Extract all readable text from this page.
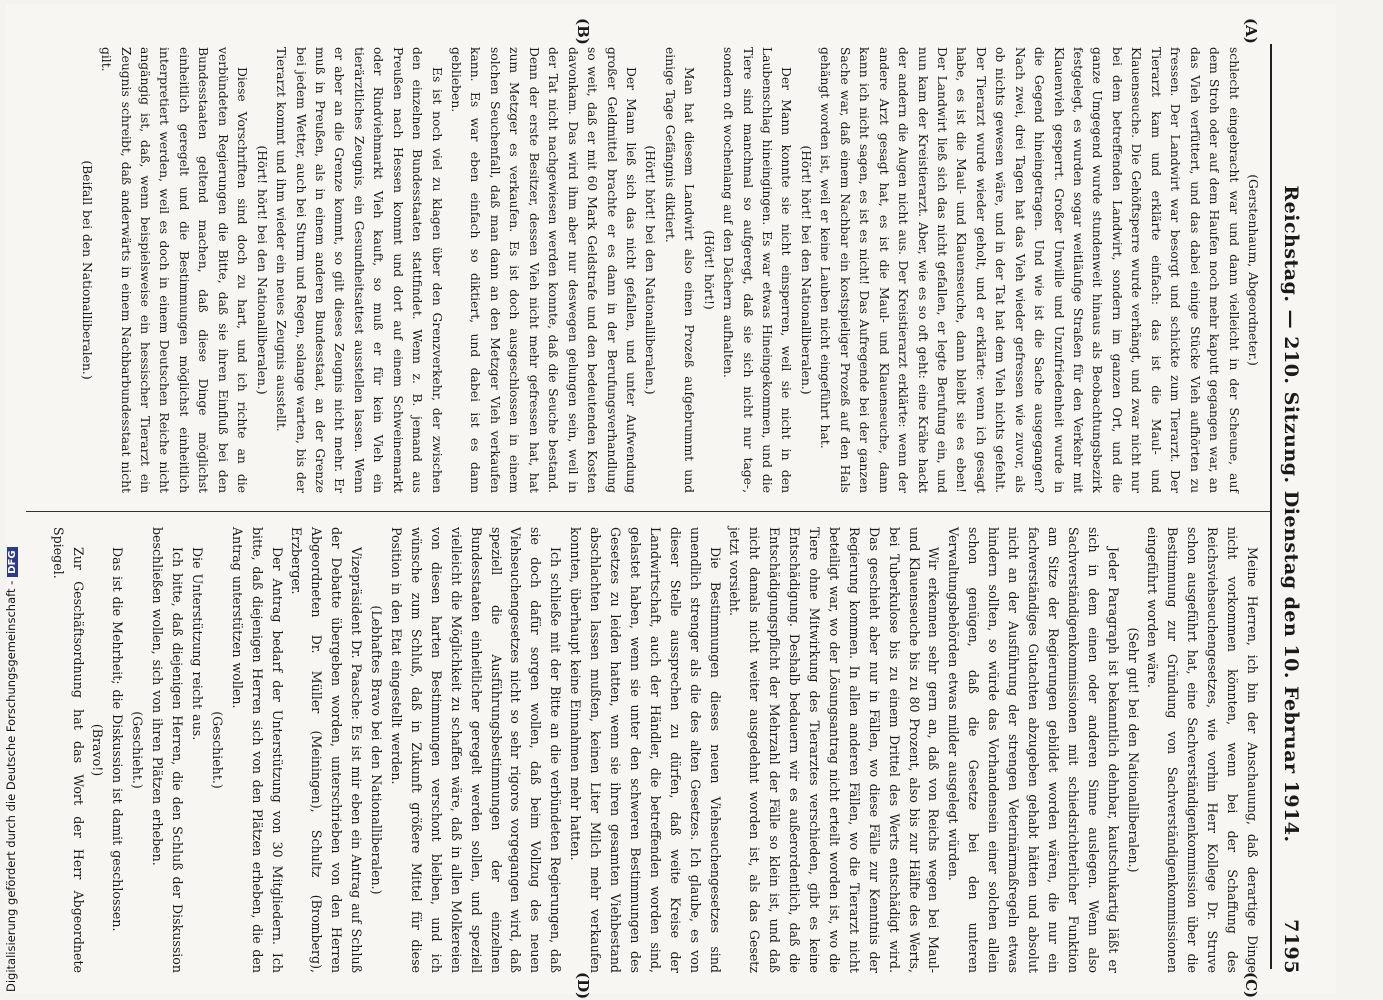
Reichstag. — 210. Sitzung. Dienstag den 10. Februar 1914.
7195
(A)
(B)
(C)
(D)

(Gerstenhaum, Abgeordneter.)

schlecht eingebracht war und dann vielleicht in der Scheune, auf dem Stroh oder auf dem Haufen noch mehr kaputt gegangen war, an das Vieh verfüttert, und das dabei einige Stücke Vieh aufhörten zu fressen. Der Landwirt war besorgt und schickte zum Tierarzt. Der Tierarzt kam und erklärte einfach: das ist die Maul- und Klauenseuche. Die Gehöftsperre wurde verhängt, und zwar nicht nur bei dem betreffenden Landwirt, sondern im ganzen Ort, und die ganze Umgegend wurde stundenweit hinaus als Beobachtungsbezirk festgelegt, es wurden sogar weitläufige Straßen für den Verkehr mit Klauenvieh gesperrt. Großer Unwille und Unzufriedenheit wurde in die Gegend hineingetragen. Und wie ist die Sache ausgegangen? Nach zwei, drei Tagen hat das Vieh wieder gefressen wie zuvor, als ob nichts gewesen wäre, und in der Tat hat dem Vieh nichts gefehlt. Der Tierarzt wurde wieder geholt, und er erklärte: wenn ich gesagt habe, es ist die Maul- und Klauenseuche, dann bleibt sie es eben! Der Landwirt ließ sich das nicht gefallen, er legte Berufung ein, und nun kam der Kreistierarzt. Aber, wie es so oft geht: eine Krähe hackt der andern die Augen nicht aus. Der Kreistierarzt erklärte: wenn der andere Arzt gesagt hat, es ist die Maul- und Klauenseuche, dann kann ich nicht sagen, es ist es nicht! Das Aufregende bei der ganzen Sache war, daß einem Nachbar ein kostspieliger Prozeß auf den Hals gehängt worden ist, weil er keine Lauben nicht eingeführt hat.

(Hört! hört! bei den Nationalliberalen.)

Der Mann konnte sie nicht einsperren, weil sie nicht in den Laubenschlag hineingingen. Es war etwas Hineingekommen, und die Tiere sind manchmal so aufgeregt, daß sie sich nicht nur tage-, sondern oft wochenlang auf den Dächern aufhalten.

(Hört! hört!)

Man hat diesem Landwirt also einen Prozeß aufgebrummt und einige Tage Gefängnis diktiert.

(Hört! hört! bei den Nationalliberalen.)

Der Mann ließ sich das nicht gefallen, und unter Aufwendung großer Geldmittel brachte er es dann in der Berufungsverhandlung so weit, daß er mit 60 Mark Geldstrafe und den bedeutenden Kosten davonkam. Das wird ihm aber nur deswegen gelungen sein, weil in der Tat nicht nachgewiesen werden konnte, daß die Seuche bestand. Denn der erste Besitzer, dessen Vieh nicht mehr gefressen hat, hat zum Metzger es verkaufen. Es ist doch ausgeschlossen in einem solchen Seuchenfall, daß man dann an den Metzger Vieh verkaufen kann. Es war eben einfach so diktiert, und dabei ist es dann geblieben.

Es ist noch viel zu klagen über den Grenzverkehr, der zwischen den einzelnen Bundesstaaten stattfindet. Wenn z. B. jemand aus Preußen nach Hessen kommt und dort auf einem Schweinemarkt oder Rindviehmarkt Vieh kauft, so muß er für kein Vieh ein tierärztliches Zeugnis, ein Gesundheitsattest ausstellen lassen. Wenn er aber an die Grenze kommt, so gilt dieses Zeugnis nicht mehr. Er muß in Preußen, als in einem anderen Bundesstaat, an der Grenze bei jedem Wetter, auch bei Sturm und Regen, solange warten, bis der Tierarzt kommt und ihm wieder ein neues Zeugnis ausstellt.

(Hört! hört! bei den Nationalliberalen.)

Diese Vorschriften sind doch zu hart, und ich richte an die verbündeten Regierungen die Bitte, daß sie ihren Einfluß bei den Bundesstaaten geltend machen, daß diese Dinge möglichst einheitlich geregelt und die Bestimmungen möglichst einheitlich interpretiert werden, weil es doch in einem Deutschen Reiche nicht angängig ist, daß, wenn beispielsweise ein hessischer Tierarzt ein Zeugnis schreibt, daß anderwärts in einem Nachbarbundesstaat nicht gilt.

(Beifall bei den Nationalliberalen.)

Meine Herren, ich bin der Anschauung, daß derartige Dinge nicht vorkommen könnten, wenn bei der Schaffung des Reichsviehseuchengesetzes, wie vorhin Herr Kollege Dr. Struve schon ausgeführt hat, eine Sachverständigenkommission über die Bestimmung zur Gründung von Sachverständigenkommissionen eingeführt worden wäre.

(Sehr gut! bei den Nationalliberalen.)

Jeder Paragraph ist bekanntlich dehnbar, kautschukartig läßt er sich in dem einen oder anderen Sinne auslegen. Wenn also Sachverständigenkommissionen mit schiedsrichterlicher Funktion am Sitze der Regierungen gebildet worden wären, die nur ein fachverständiges Gutachten abzugeben gehabt hätten und absolut nicht an der Ausführung der strengen Veterinärmaßregeln etwas hindern sollten, so würde das Vorhandensein einer solchen allein schon genügen, daß die Gesetze bei den unteren Verwaltungsbehörden etwas milder ausgelegt würden.

Wir erkennen sehr gern an, daß von Reichs wegen bei Maul- und Klauenseuche bis zu 80 Prozent, also bis zur Hälfte des Werts, bei Tuberkulose bis zu einem Drittel des Werts entschädigt wird. Das geschieht aber nur in Fällen, wo diese Fälle zur Kenntnis der Regierung kommen. In allen anderen Fällen, wo die Tierarzt nicht beteiligt war, wo der Lösungsantrag nicht erteilt worden ist, wo die Tiere ohne Mitwirkung des Tierarztes verschieden, gibt es keine Entschädigung. Deshalb bedauern wir es außerordentlich, daß die Entschädigungspflicht der Mehrzahl der Fälle so klein ist, und daß nicht damals nicht weiter ausgedehnt worden ist, als das Gesetz jetzt vorsieht.

Die Bestimmungen dieses neuen Viehseuchengesetzes sind unendlich strenger als die des alten Gesetzes. Ich glaube, es von dieser Stelle aussprechen zu dürfen, daß weite Kreise der Landwirtschaft, auch der Händler, die betreffenden worden sind, gelastet haben, wenn sie unter den schweren Bestimmungen des Gesetzes zu leiden hatten, wenn sie ihren gesamten Viehbestand abschlachten lassen mußten, keinen Liter Milch mehr verkaufen konnten, überhaupt keine Einnahmen mehr hatten.

Ich schließe mit der Bitte an die verbündeten Regierungen, daß sie doch dafür sorgen wollen, daß beim Vollzug des neuen Viehseuchengesetzes nicht so sehr rigoros vorgegangen wird, daß speziell die Ausführungsbestimmungen der einzelnen Bundesstaaten einheitlicher geregelt werden sollen, und speziell vielleicht die Möglichkeit zu schaffen wäre, daß in allen Molkereien von diesen harten Bestimmungen verschont bleiben, und ich wünsche zum Schluß, daß in Zukunft größere Mittel für diese Position in den Etat eingestellt werden.

(Lebhaftes Bravo bei den Nationalliberalen.)

Vizepräsident Dr. Paasche: Es ist mir eben ein Antrag auf Schluß der Debatte übergeben worden, unterschrieben von den Herren Abgeordneten Dr. Müller (Meiningen), Schultz (Bromberg), Erzberger.

Der Antrag bedarf der Unterstützung von 30 Mitgliedern. Ich bitte, daß diejenigen Herren sich von den Plätzen erheben, die den Antrag unterstützen wollen.

(Geschieht.)

Die Unterstützung reicht aus.

Ich bitte, daß diejenigen Herren, die den Schluß der Diskussion beschließen wollen, sich von ihren Plätzen erheben.

(Geschieht.)

Das ist die Mehrheit; die Diskussion ist damit geschlossen.

(Bravo!)

Zur Geschäftsordnung hat das Wort der Herr Abgeordnete Spiegel.

Digitalisierung gefördert durch die Deutsche Forschungsgemeinschaft -DFG
